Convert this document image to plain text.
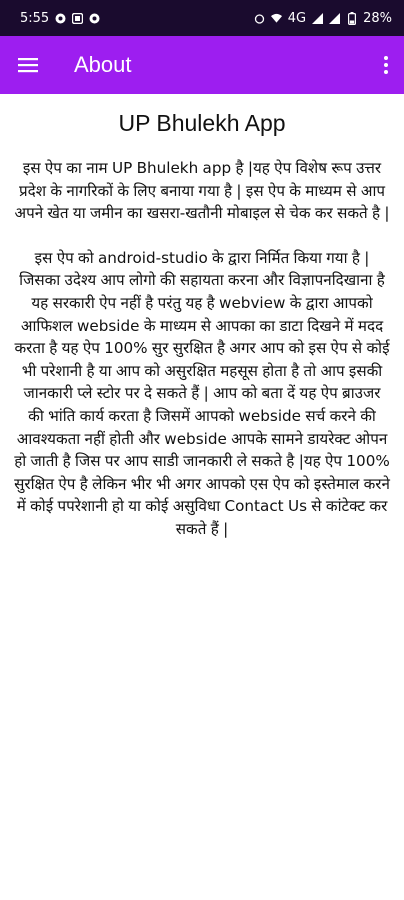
5:55	4G	28%
About
UP Bhulekh App

इस ऐप का नाम UP Bhulekh app है |यह ऐप विशेष रूप उत्तर प्रदेश के नागरिकों के लिए बनाया गया है | इस ऐप के माध्यम से आप अपने खेत या जमीन का खसरा-खतौनी मोबाइल से चेक कर सकते है |

इस ऐप को android-studio के द्वारा निर्मित किया गया है | जिसका उदेश्य आप लोगो की सहायता करना और विज्ञापनदिखाना है यह सरकारी ऐप नहीं है परंतु यह है webview के द्वारा आपको आफिशल webside के माध्यम से आपका का डाटा दिखने में मदद करता है यह ऐप 100% सुर सुरक्षित है अगर आप को इस ऐप से कोई भी परेशानी है या आप को असुरक्षित महसूस होता है तो आप इसकी जानकारी प्ले स्टोर पर दे सकते हैं | आप को बता दें यह ऐप ब्राउजर की भांति कार्य करता है जिसमें आपको webside सर्च करने की आवश्यकता नहीं होती और webside आपके सामने डायरेक्ट ओपन हो जाती है जिस पर आप साडी जानकारी ले सकते है |यह ऐप 100% सुरक्षित ऐप है लेकिन भीर भी अगर आपको एस ऐप को इस्तेमाल करने में कोई पपरेशानी हो या कोई असुविधा Contact Us से कांटेक्ट कर सकते हैं |
